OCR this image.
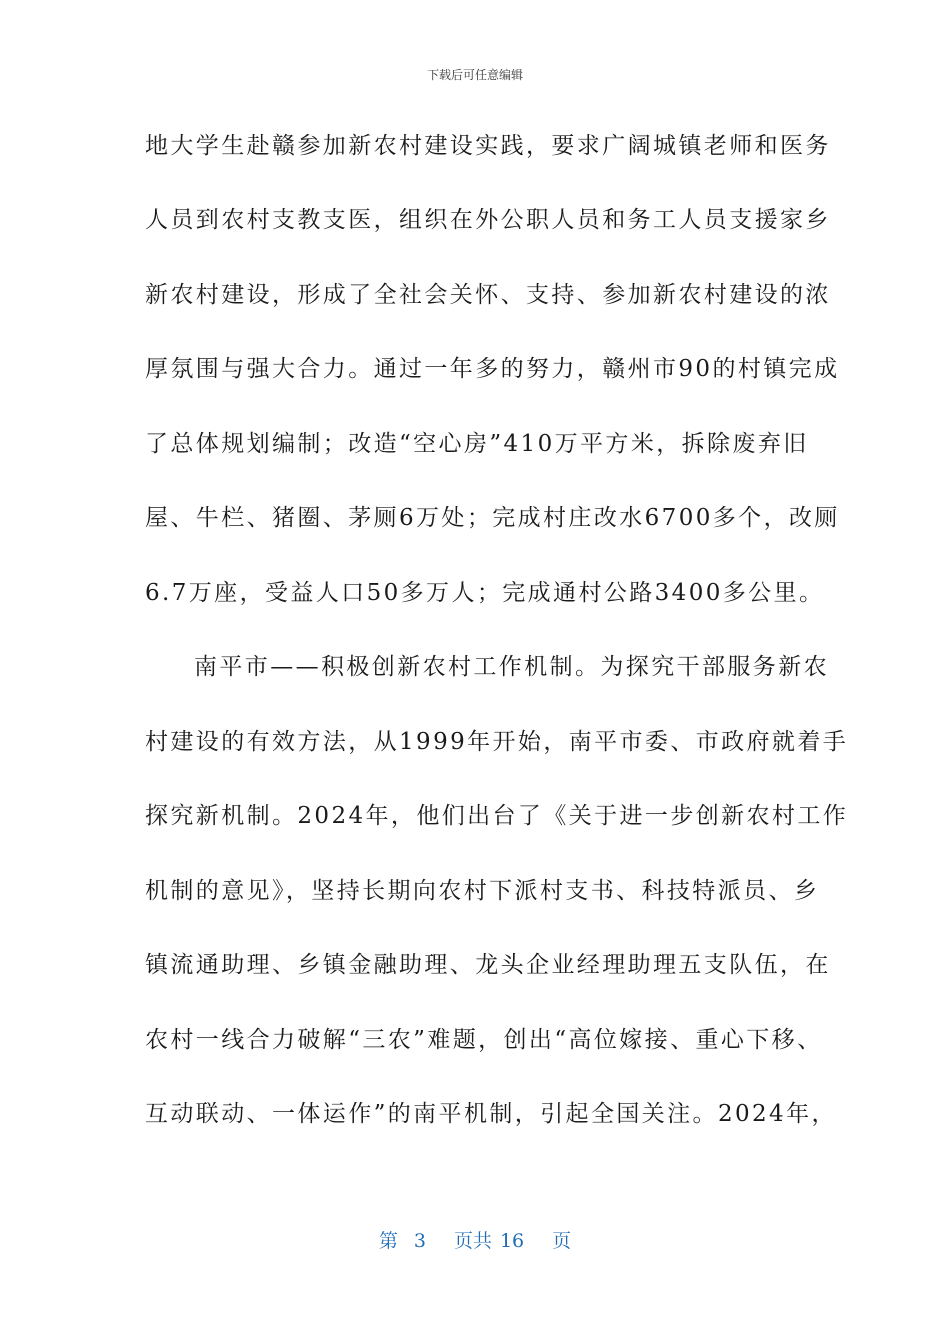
下载后可任意编辑
地大学生赴赣参加新农村建设实践，要求广阔城镇老师和医务
人员到农村支教支医，组织在外公职人员和务工人员支援家乡
新农村建设，形成了全社会关怀、支持、参加新农村建设的浓
厚氛围与强大合力。通过一年多的努力，赣州市90的村镇完成
了总体规划编制；改造“空心房”410万平方米，拆除废弃旧
屋、牛栏、猪圈、茅厕6万处；完成村庄改水6700多个，改厕
6.7万座，受益人口50多万人；完成通村公路3400多公里。
南平市——积极创新农村工作机制。为探究干部服务新农
村建设的有效方法，从1999年开始，南平市委、市政府就着手
探究新机制。2024年，他们出台了《关于进一步创新农村工作
机制的意见》，坚持长期向农村下派村支书、科技特派员、乡
镇流通助理、乡镇金融助理、龙头企业经理助理五支队伍，在
农村一线合力破解“三农”难题，创出“高位嫁接、重心下移、
互动联动、一体运作”的南平机制，引起全国关注。2024年，
第 3 页共 16 页
